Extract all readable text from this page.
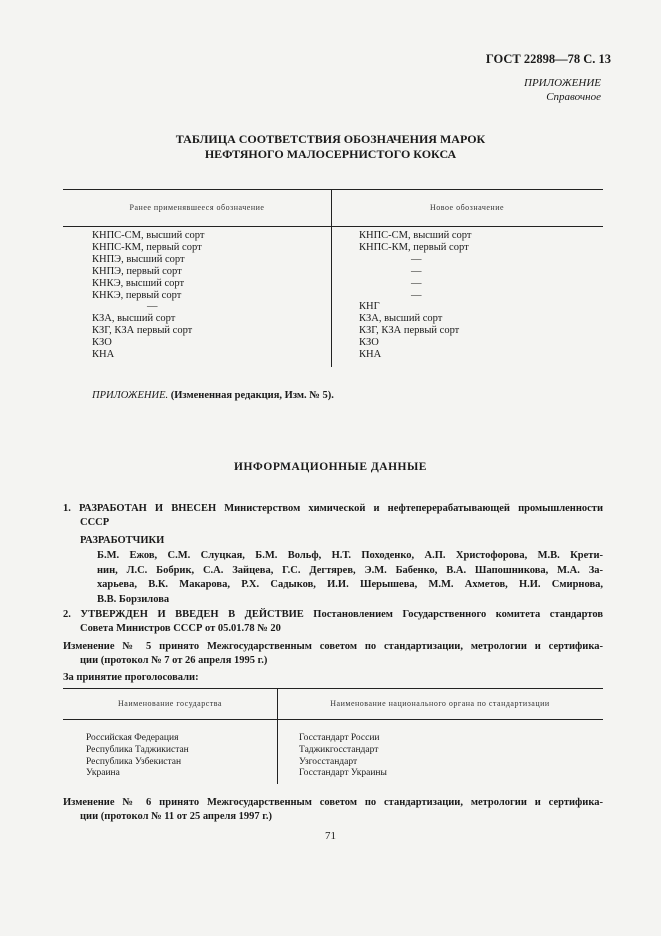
ГОСТ 22898—78 С. 13
ПРИЛОЖЕНИЕ
Справочное
ТАБЛИЦА СООТВЕТСТВИЯ ОБОЗНАЧЕНИЯ МАРОК
НЕФТЯНОГО МАЛОСЕРНИСТОГО КОКСА
Ранее применявшееся обозначение	Новое обозначение
КНПС-СМ, высший сорт
КНПС-КМ, первый сорт
КНПЭ, высший сорт
КНПЭ, первый сорт
КНКЭ, высший сорт
КНКЭ, первый сорт
—
КЗА, высший сорт
КЗГ, КЗА первый сорт
КЗО
КНА
КНПС-СМ, высший сорт
КНПС-КМ, первый сорт
—
—
—
—
КНГ
КЗА, высший сорт
КЗГ, КЗА первый сорт
КЗО
КНА
ПРИЛОЖЕНИЕ. (Измененная редакция, Изм. № 5).
ИНФОРМАЦИОННЫЕ ДАННЫЕ
1. РАЗРАБОТАН И ВНЕСЕН Министерством химической и нефтеперерабатывающей промышленности
СССР
РАЗРАБОТЧИКИ
Б.М. Ежов, С.М. Слуцкая, Б.М. Вольф, Н.Т. Походенко, А.П. Христофорова, М.В. Крети-
нин, Л.С. Бобрик, С.А. Зайцева, Г.С. Дегтярев, Э.М. Бабенко, В.А. Шапошникова, М.А. За-
харьева, В.К. Макарова, Р.Х. Садыков, И.И. Шерышева, М.М. Ахметов, Н.И. Смирнова,
В.В. Борзилова
2. УТВЕРЖДЕН И ВВЕДЕН В ДЕЙСТВИЕ Постановлением Государственного комитета стандартов
Совета Министров СССР от 05.01.78 № 20
Изменение № 5 принято Межгосударственным советом по стандартизации, метрологии и сертифика-
ции (протокол № 7 от 26 апреля 1995 г.)
За принятие проголосовали:
Наименование государства	Наименование национального органа по стандартизации
Российская Федерация
Республика Таджикистан
Республика Узбекистан
Украина
Госстандарт России
Таджикгосстандарт
Узгосстандарт
Госстандарт Украины
Изменение № 6 принято Межгосударственным советом по стандартизации, метрологии и сертифика-
ции (протокол № 11 от 25 апреля 1997 г.)
71
